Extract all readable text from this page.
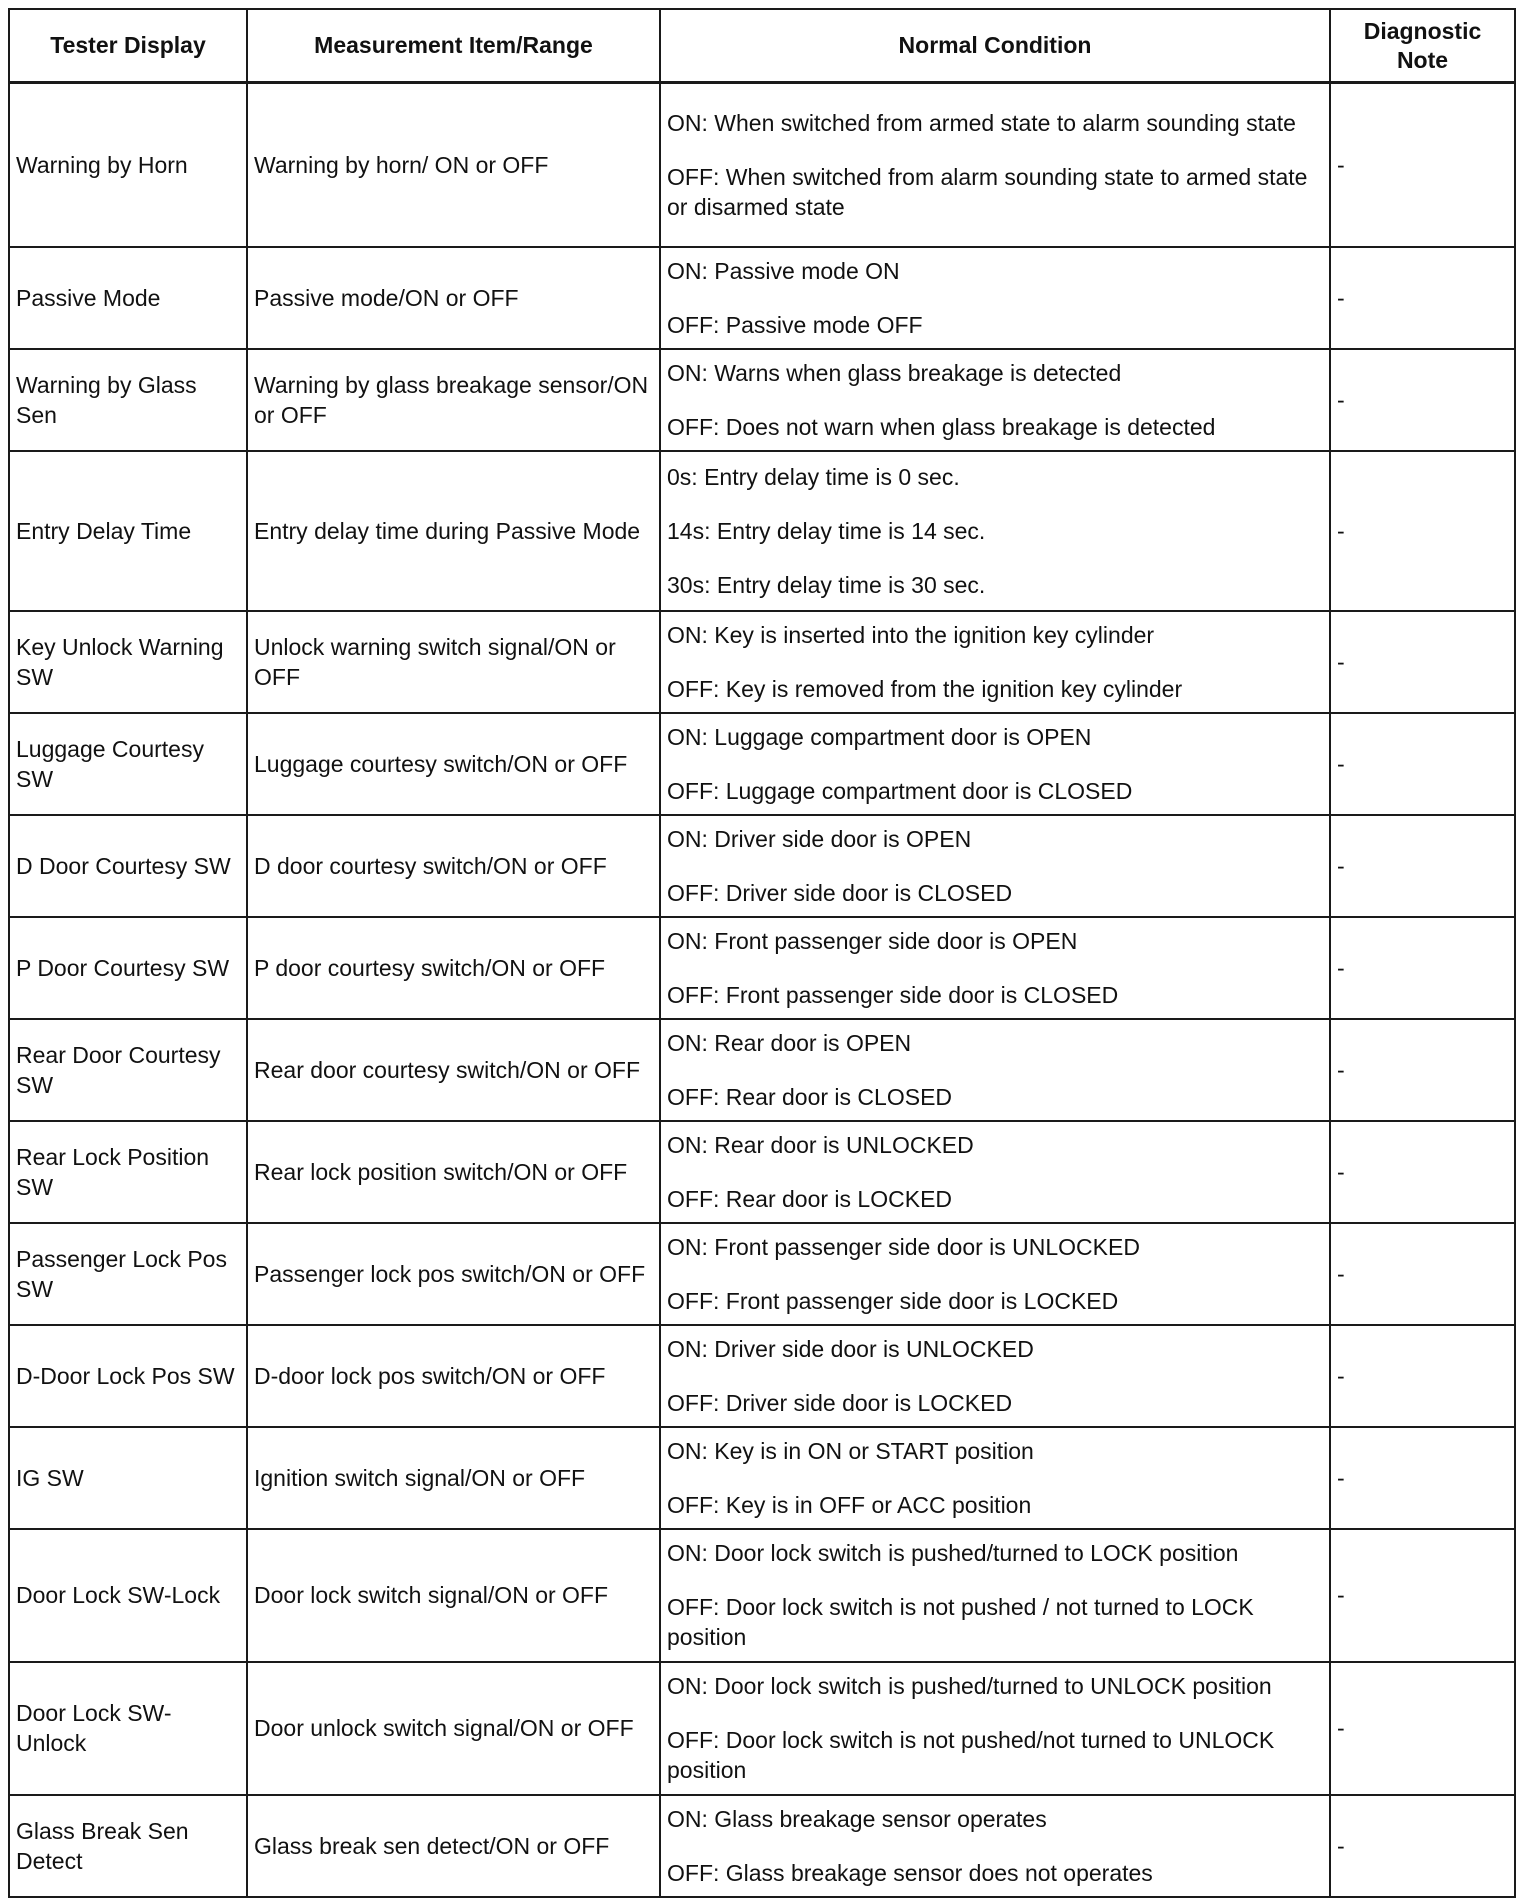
Tester Display	Measurement Item/Range	Normal Condition	Diagnostic
Note
Warning by Horn	Warning by horn/ ON or OFF	ON: When switched from armed state to alarm sounding state
OFF: When switched from alarm sounding state to armed state or disarmed state	-
Passive Mode	Passive mode/ON or OFF	ON: Passive mode ON
OFF: Passive mode OFF	-
Warning by Glass Sen	Warning by glass breakage sensor/ON or OFF	ON: Warns when glass breakage is detected
OFF: Does not warn when glass breakage is detected	-
Entry Delay Time	Entry delay time during Passive Mode	0s: Entry delay time is 0 sec.
14s: Entry delay time is 14 sec.
30s: Entry delay time is 30 sec.	-
Key Unlock Warning SW	Unlock warning switch signal/ON or OFF	ON: Key is inserted into the ignition key cylinder
OFF: Key is removed from the ignition key cylinder	-
Luggage Courtesy SW	Luggage courtesy switch/ON or OFF	ON: Luggage compartment door is OPEN
OFF: Luggage compartment door is CLOSED	-
D Door Courtesy SW	D door courtesy switch/ON or OFF	ON: Driver side door is OPEN
OFF: Driver side door is CLOSED	-
P Door Courtesy SW	P door courtesy switch/ON or OFF	ON: Front passenger side door is OPEN
OFF: Front passenger side door is CLOSED	-
Rear Door Courtesy SW	Rear door courtesy switch/ON or OFF	ON: Rear door is OPEN
OFF: Rear door is CLOSED	-
Rear Lock Position SW	Rear lock position switch/ON or OFF	ON: Rear door is UNLOCKED
OFF: Rear door is LOCKED	-
Passenger Lock Pos SW	Passenger lock pos switch/ON or OFF	ON: Front passenger side door is UNLOCKED
OFF: Front passenger side door is LOCKED	-
D-Door Lock Pos SW	D-door lock pos switch/ON or OFF	ON: Driver side door is UNLOCKED
OFF: Driver side door is LOCKED	-
IG SW	Ignition switch signal/ON or OFF	ON: Key is in ON or START position
OFF: Key is in OFF or ACC position	-
Door Lock SW-Lock	Door lock switch signal/ON or OFF	ON: Door lock switch is pushed/turned to LOCK position
OFF: Door lock switch is not pushed / not turned to LOCK position	-
Door Lock SW-Unlock	Door unlock switch signal/ON or OFF	ON: Door lock switch is pushed/turned to UNLOCK position
OFF: Door lock switch is not pushed/not turned to UNLOCK position	-
Glass Break Sen Detect	Glass break sen detect/ON or OFF	ON: Glass breakage sensor operates
OFF: Glass breakage sensor does not operates	-
